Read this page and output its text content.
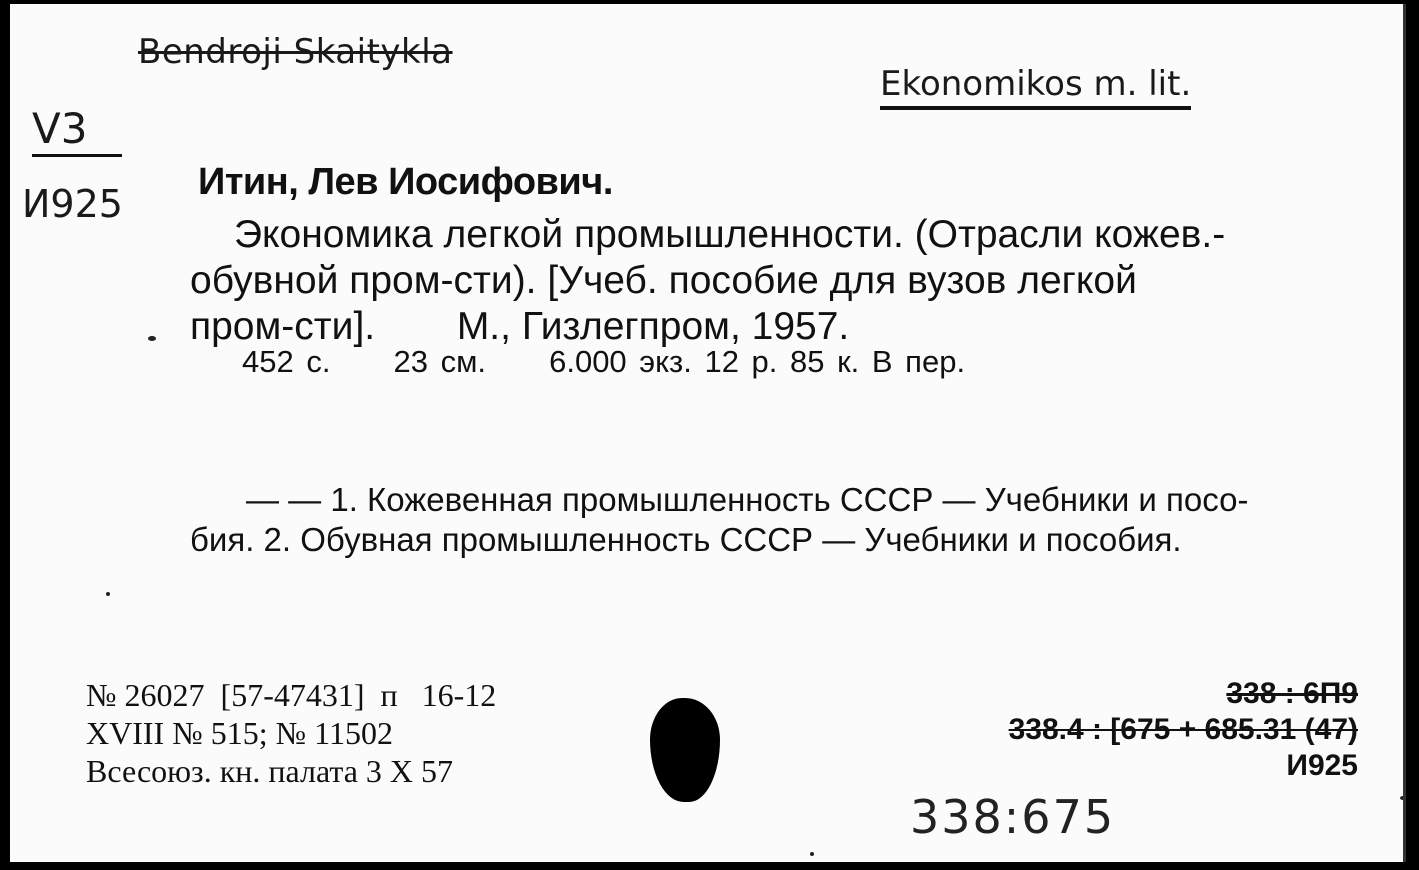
Bendroji Skaitykla
Ekonomikos m. lit.
V3
И925 Итин, Лев Иосифович.
Экономика легкой промышленности. (Отрасли кожев.-
обувной пром-сти). [Учеб. пособие для вузов легкой
пром-сти]. М., Гизлегпром, 1957.
452 с.     23 см.     6.000 экз. 12 р. 85 к. В пер.
— — 1. Кожевенная промышленность СССР — Учебники и посо-
бия. 2. Обувная промышленность СССР — Учебники и пособия.
№ 26027  [57-47431]  п   16-12
XVIII № 515; № 11502
Всесоюз. кн. палата 3 X 57
338 : 6П9
338.4 : [675 + 685.31 (47)
И925
338:675
